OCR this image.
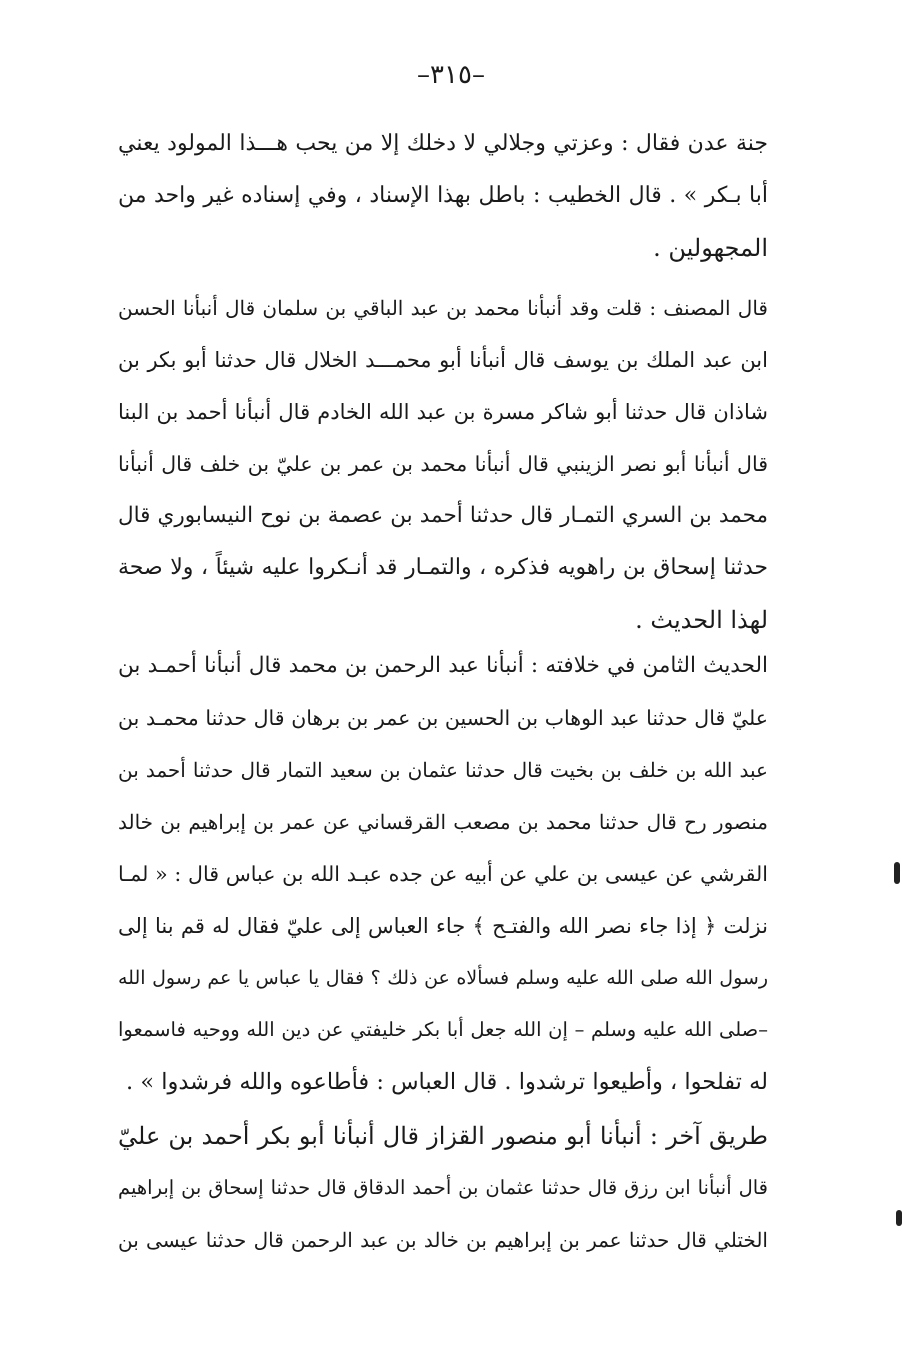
–٣١٥–
جنة عدن فقال : وعزتي وجلالي لا دخلك إلا من يحب هـــذا المولود يعني
أبا بـكر » . قال الخطيب : باطل بهذا الإسناد ، وفي إسناده غير واحد من
المجهولين .
قال المصنف : قلت وقد أنبأنا محمد بن عبد الباقي بن سلمان قال أنبأنا الحسن
ابن عبد الملك بن يوسف قال أنبأنا أبو محمـــد الخلال قال حدثنا أبو بكر بن
شاذان قال حدثنا أبو شاكر مسرة بن عبد الله الخادم قال أنبأنا أحمد بن البنا
قال أنبأنا أبو نصر الزينبي قال أنبأنا محمد بن عمر بن عليّ بن خلف قال أنبأنا
محمد بن السري التمـار قال حدثنا أحمد بن عصمة بن نوح النيسابوري قال
حدثنا إسحاق بن راهويه فذكره ، والتمـار قد أنـكروا عليه شيئاً ، ولا صحة
لهذا الحديث .
الحديث الثامن في خلافته : أنبأنا عبد الرحمن بن محمد قال أنبأنا أحمـد بن
عليّ قال حدثنا عبد الوهاب بن الحسين بن عمر بن برهان قال حدثنا محمـد بن
عبد الله بن خلف بن بخيت قال حدثنا عثمان بن سعيد التمار قال حدثنا أحمد بن
منصور رح قال حدثنا محمد بن مصعب القرقساني عن عمر بن إبراهيم بن خالد
القرشي عن عيسى بن علي عن أبيه عن جده عبـد الله بن عباس قال : « لمـا
نزلت ﴿ إذا جاء نصر الله والفتـح ﴾ جاء العباس إلى عليّ فقال له قم بنا إلى
رسول الله صلى الله عليه وسلم فسألاه عن ذلك ؟ فقال يا عباس يا عم رسول الله
–صلى الله عليه وسلم – إن الله جعل أبا بكر خليفتي عن دين الله ووحيه فاسمعوا
له تفلحوا ، وأطيعوا ترشدوا . قال العباس : فأطاعوه والله فرشدوا » .
طريق آخر : أنبأنا أبو منصور القزاز قال أنبأنا أبو بكر أحمد بن عليّ
قال أنبأنا ابن رزق قال حدثنا عثمان بن أحمد الدقاق قال حدثنا إسحاق بن إبراهيم
الختلي قال حدثنا عمر بن إبراهيم بن خالد بن عبد الرحمن قال حدثنا عيسى بن
